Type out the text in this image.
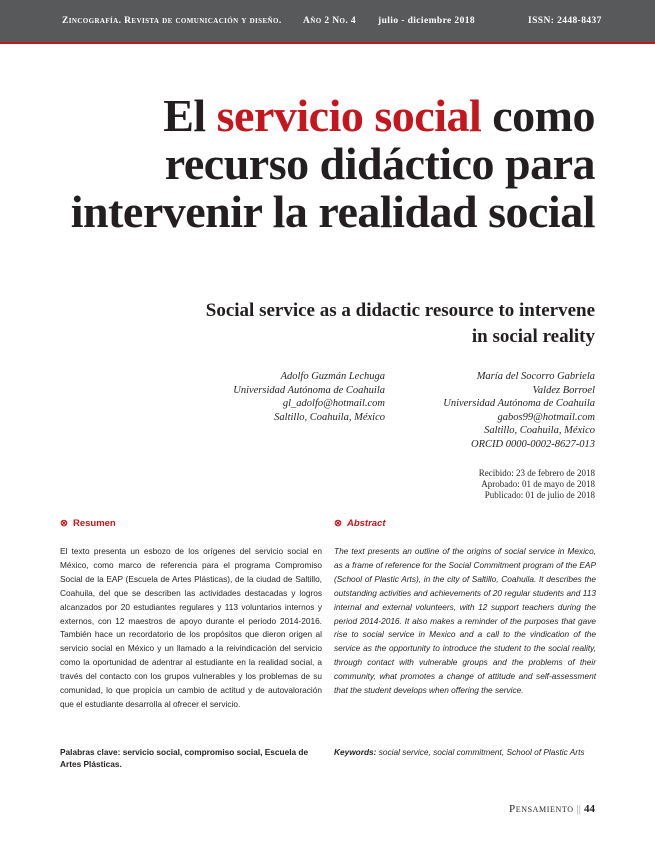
Zincografía. Revista de comunicación y diseño. Año 2 No. 4 julio - diciembre 2018	ISSN: 2448-8437
El servicio social como recurso didáctico para intervenir la realidad social
Social service as a didactic resource to intervene in social reality
Adolfo Guzmán Lechuga
Universidad Autónoma de Coahuila
gl_adolfo@hotmail.com
Saltillo, Coahuila, México
María del Socorro Gabriela
Valdez Borroel
Universidad Autónoma de Coahuila
gabos99@hotmail.com
Saltillo, Coahuila, México
ORCID 0000-0002-8627-013
Recibido: 23 de febrero de 2018
Aprobado: 01 de mayo de 2018
Publicado: 01 de julio de 2018
⊗ Resumen	⊗ Abstract
El texto presenta un esbozo de los orígenes del servicio social en México, como marco de referencia para el programa Compromiso Social de la EAP (Escuela de Artes Plásticas), de la ciudad de Saltillo, Coahuila, del que se describen las actividades destacadas y logros alcanzados por 20 estudiantes regulares y 113 voluntarios internos y externos, con 12 maestros de apoyo durante el periodo 2014-2016. También hace un recordatorio de los propósitos que dieron origen al servicio social en México y un llamado a la reivindicación del servicio como la oportunidad de adentrar al estudiante en la realidad social, a través del contacto con los grupos vulnerables y los problemas de su comunidad, lo que propicia un cambio de actitud y de autovaloración que el estudiante desarrolla al ofrecer el servicio.
The text presents an outline of the origins of social service in Mexico, as a frame of reference for the Social Commitment program of the EAP (School of Plastic Arts), in the city of Saltillo, Coahuila. It describes the outstanding activities and achievements of 20 regular students and 113 internal and external volunteers, with 12 support teachers during the period 2014-2016. It also makes a reminder of the purposes that gave rise to social service in Mexico and a call to the vindication of the service as the opportunity to introduce the student to the social reality, through contact with vulnerable groups and the problems of their community, what promotes a change of attitude and self-assessment that the student develops when offering the service.
Palabras clave: servicio social, compromiso social, Escuela de Artes Plásticas.
Keywords: social service, social commitment, School of Plastic Arts
Pensamiento || 44
